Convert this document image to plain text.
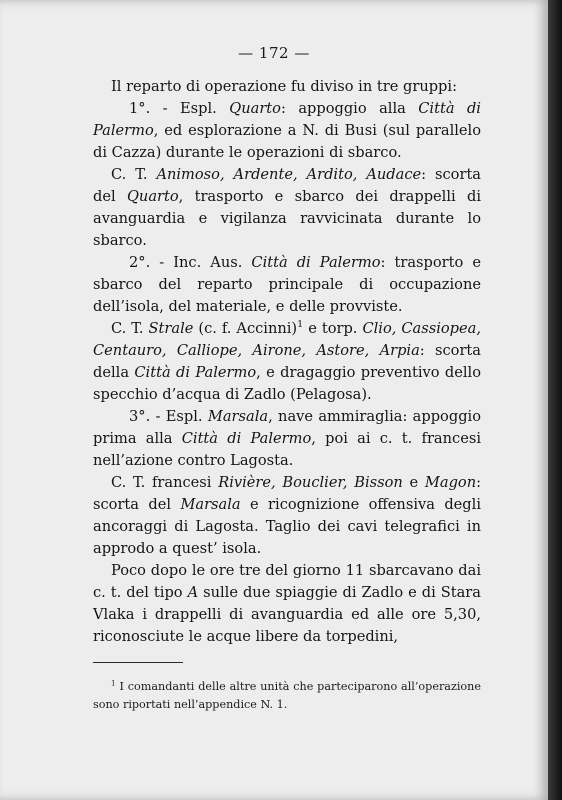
— 172 —

Il reparto di operazione fu diviso in tre gruppi:

1°. - Espl. Quarto: appoggio alla Città di Palermo, ed esplorazione a N. di Busi (sul parallelo di Cazza) durante le operazioni di sbarco.

C. T. Animoso, Ardente, Ardito, Audace: scorta del Quarto, trasporto e sbarco dei drappelli di avanguardia e vigilanza ravvicinata durante lo sbarco.

2°. - Inc. Aus. Città di Palermo: trasporto e sbarco del reparto principale di occupazione dell’isola, del materiale, e delle provviste.

C. T. Strale (c. f. Accinni)$^1$ e torp. Clio, Cassiopea, Centauro, Calliope, Airone, Astore, Arpia: scorta della Città di Palermo, e dragaggio preventivo dello specchio d’acqua di Zadlo (Pelagosa).

3°. - Espl. Marsala, nave ammiraglia: appoggio prima alla Città di Palermo, poi ai c. t. francesi nell’azione contro Lagosta.

C. T. francesi Rivière, Bouclier, Bisson e Magon: scorta del Marsala e ricognizione offensiva degli ancoraggi di Lagosta. Taglio dei cavi telegrafici in approdo a quest’ isola.

Poco dopo le ore tre del giorno 11 sbarcavano dai c. t. del tipo A sulle due spiaggie di Zadlo e di Stara Vlaka i drappelli di avanguardia ed alle ore 5,30, riconosciute le acque libere da torpedini,

$^1$ I comandanti delle altre unità che parteciparono all’operazione sono riportati nell’appendice N. 1.
